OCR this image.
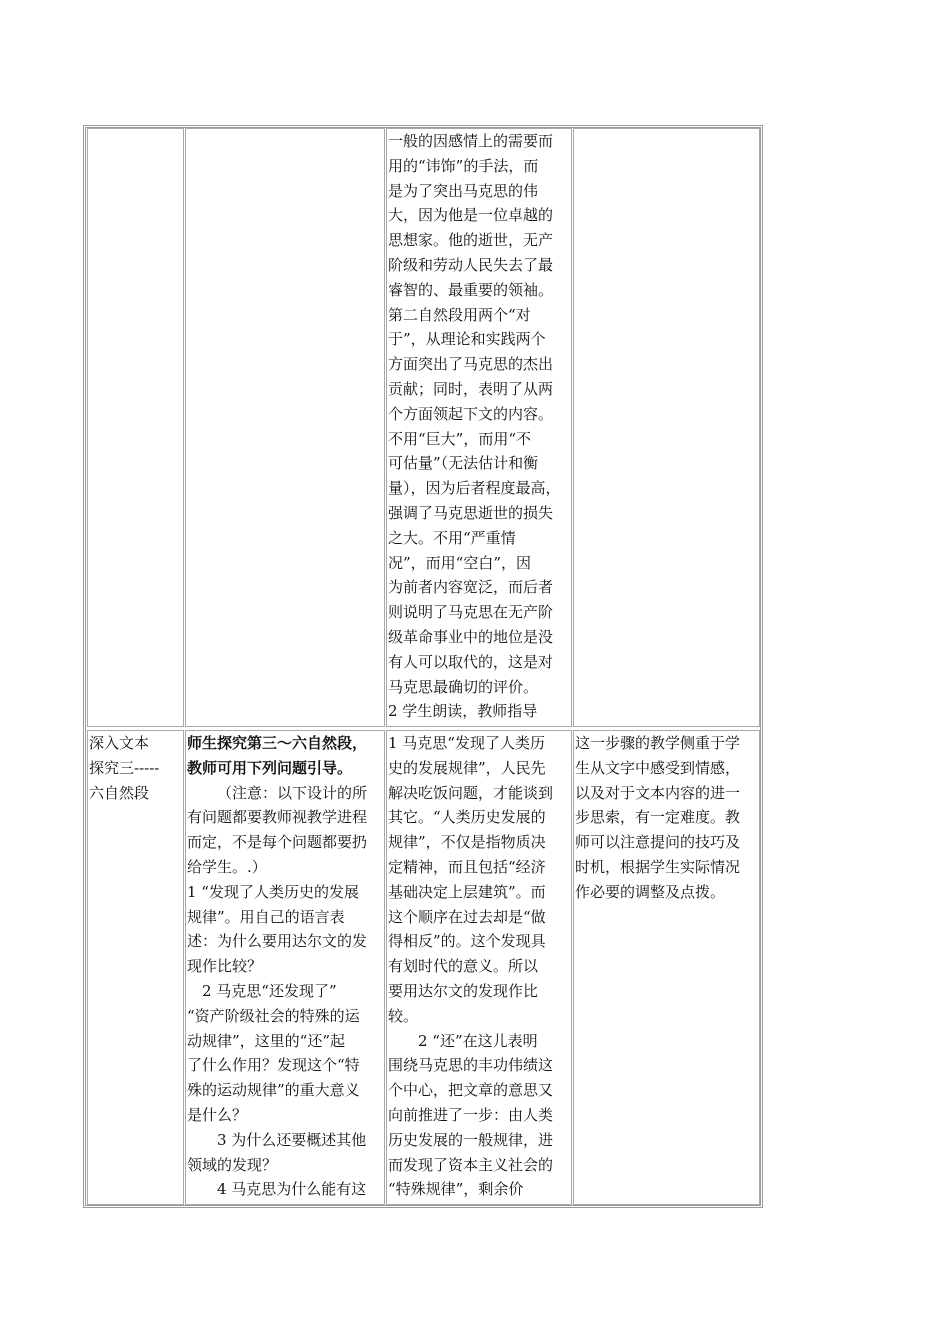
一般的因感情上的需要而

用的“讳饰”的手法，而

是为了突出马克思的伟

大，因为他是一位卓越的

思想家。他的逝世，无产

阶级和劳动人民失去了最

睿智的、最重要的领袖。

第二自然段用两个“对

于”，从理论和实践两个

方面突出了马克思的杰出

贡献；同时，表明了从两

个方面领起下文的内容。

不用“巨大”，而用“不

可估量”（无法估计和衡

量），因为后者程度最高，

强调了马克思逝世的损失

之大。不用“严重情

况”，而用“空白”，因

为前者内容宽泛，而后者

则说明了马克思在无产阶

级革命事业中的地位是没

有人可以取代的，这是对

马克思最确切的评价。

2 学生朗读，教师指导

深入文本

探究三-----

六自然段

师生探究第三～六自然段，

教师可用下列问题引导。

（注意：以下设计的所

有问题都要教师视教学进程

而定，不是每个问题都要扔

给学生。.）

1 “发现了人类历史的发展

规律”。用自己的语言表

述：为什么要用达尔文的发

现作比较？

2 马克思“还发现了”

“资产阶级社会的特殊的运

动规律”，这里的“还”起

了什么作用？发现这个“特

殊的运动规律”的重大意义

是什么？

3 为什么还要概述其他

领域的发现？

4 马克思为什么能有这

1 马克思“发现了人类历

史的发展规律”，人民先

解决吃饭问题，才能谈到

其它。“人类历史发展的

规律”，不仅是指物质决

定精神，而且包括“经济

基础决定上层建筑”。而

这个顺序在过去却是“做

得相反”的。这个发现具

有划时代的意义。所以

要用达尔文的发现作比

较。

2 “还”在这儿表明

围绕马克思的丰功伟绩这

个中心，把文章的意思又

向前推进了一步：由人类

历史发展的一般规律，进

而发现了资本主义社会的

“特殊规律”，剩余价

这一步骤的教学侧重于学

生从文字中感受到情感，

以及对于文本内容的进一

步思索，有一定难度。教

师可以注意提问的技巧及

时机，根据学生实际情况

作必要的调整及点拨。
